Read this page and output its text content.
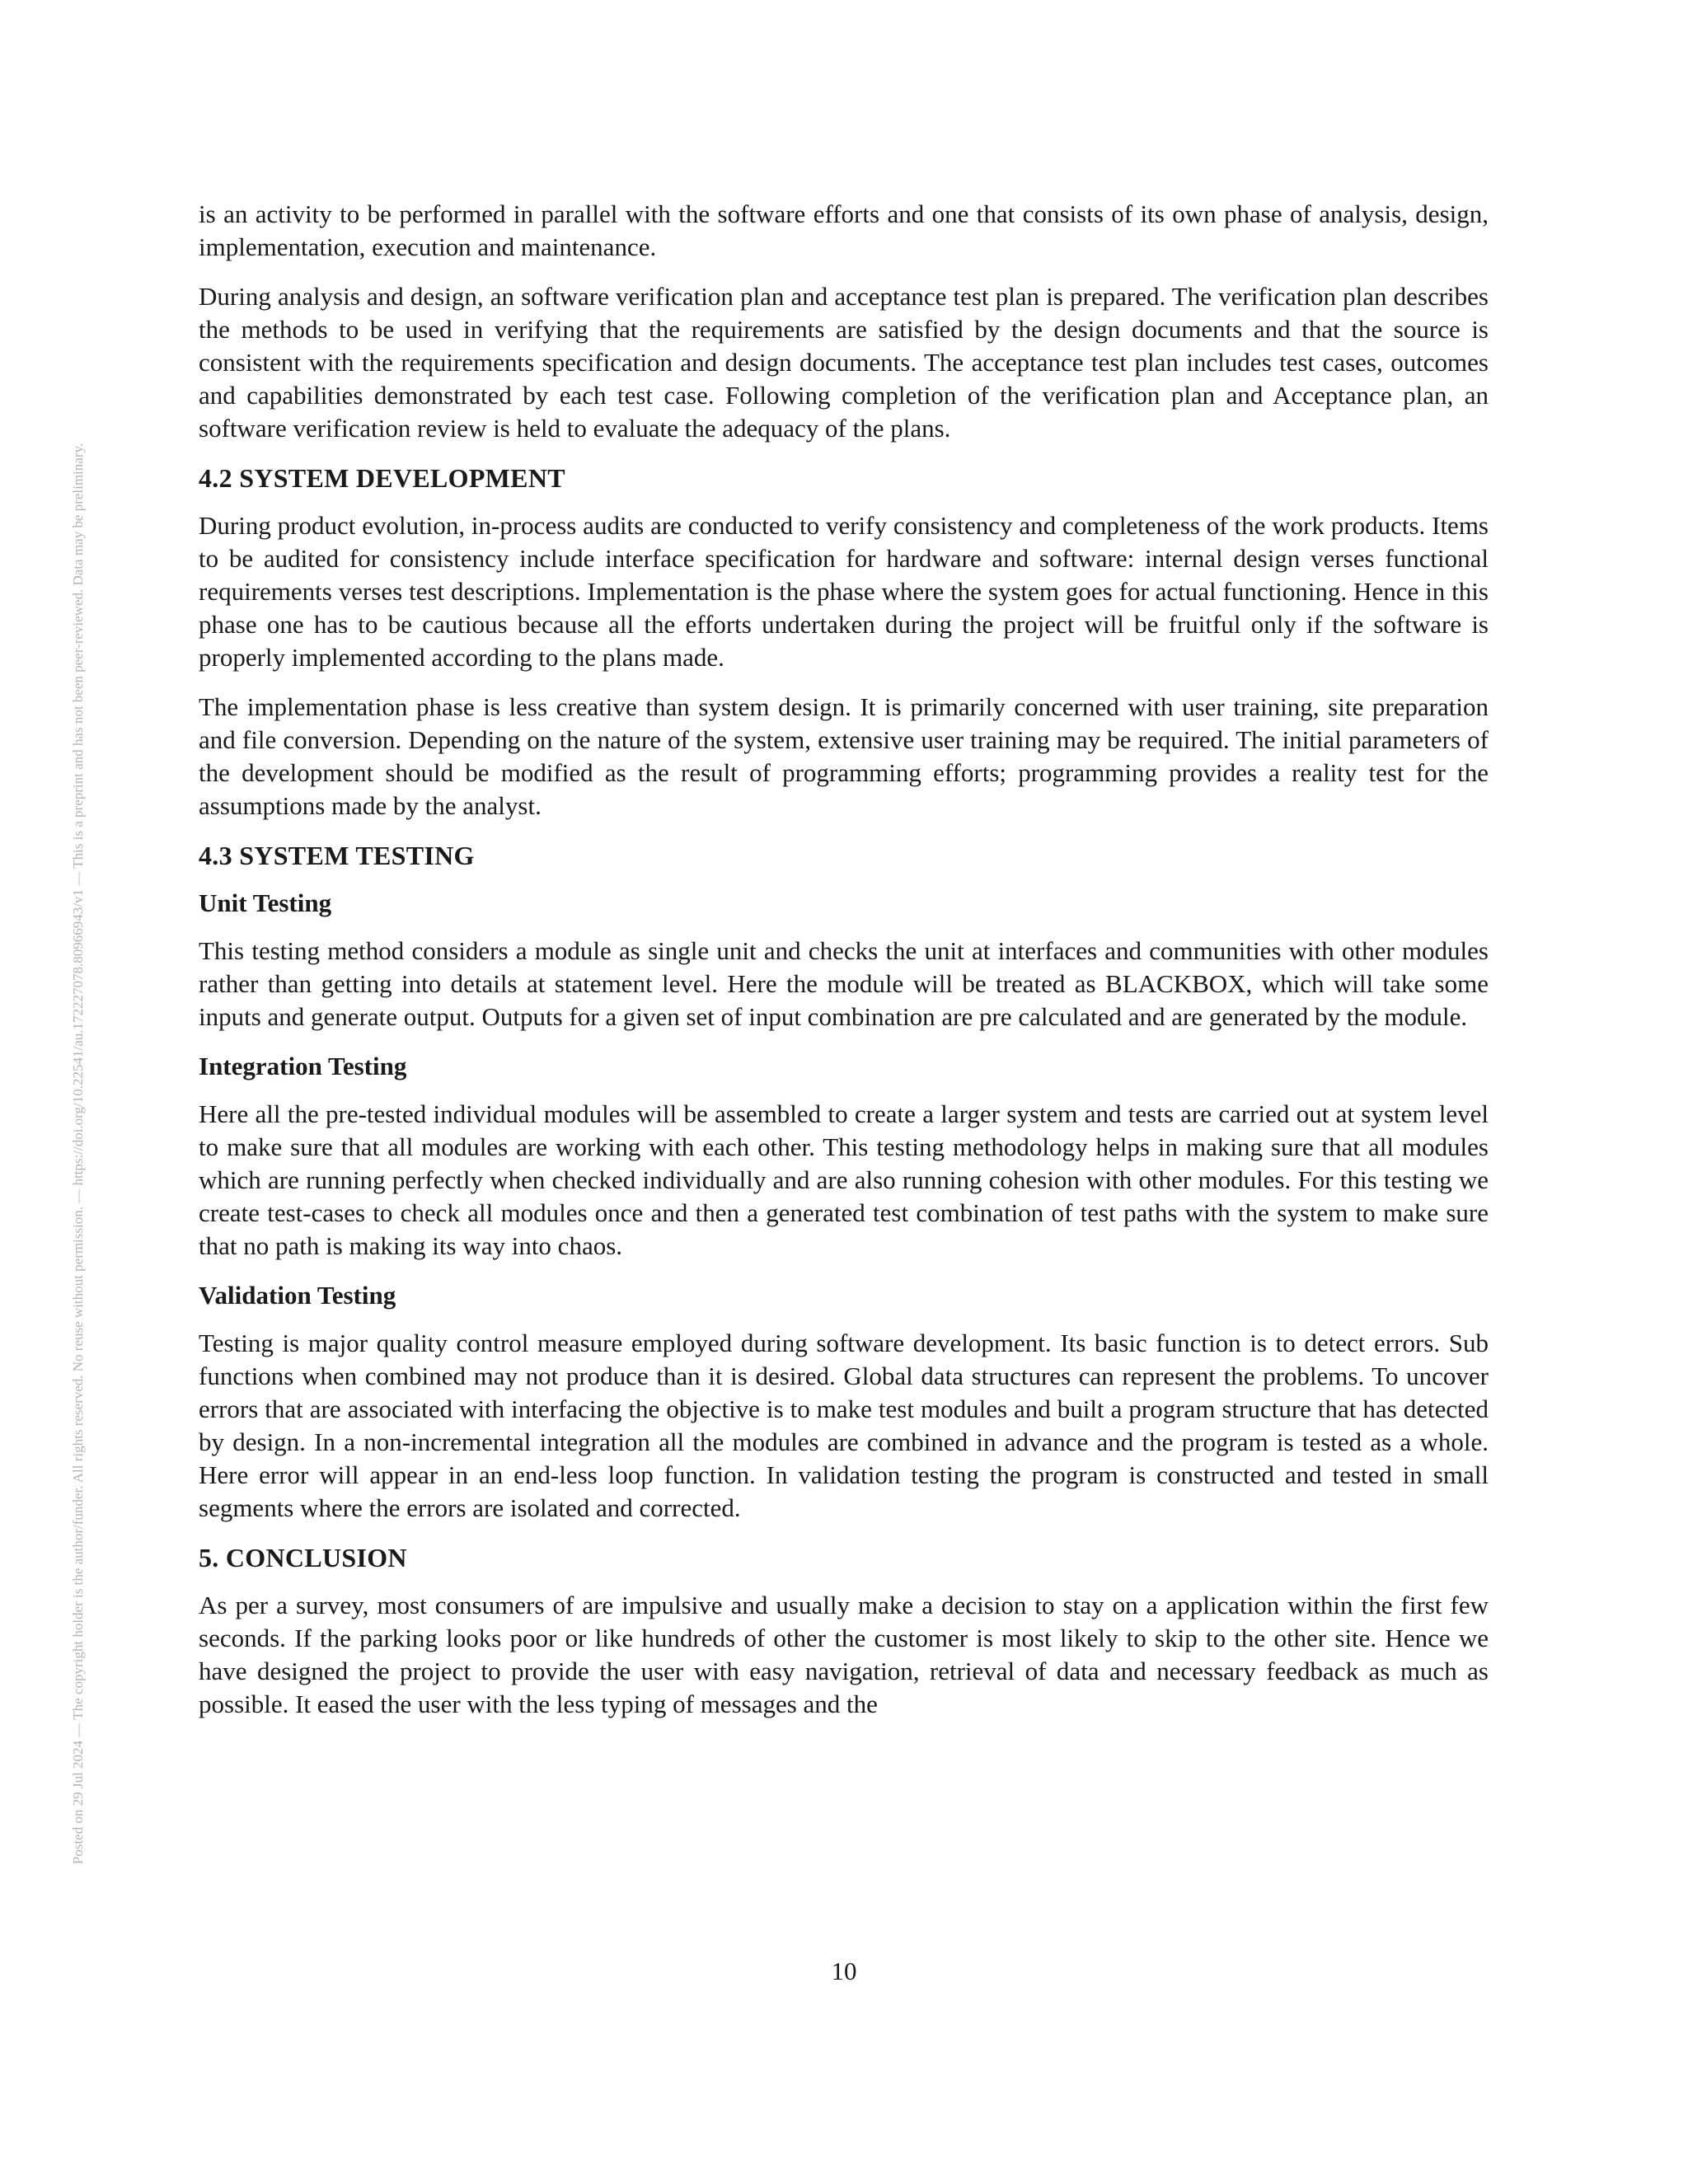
Posted on 29 Jul 2024 — The copyright holder is the author/funder. All rights reserved. No reuse without permission. — https://doi.org/10.22541/au.172227078.80966943/v1 — This is a preprint and has not been peer-reviewed. Data may be preliminary.

is an activity to be performed in parallel with the software efforts and one that consists of its own phase of analysis, design, implementation, execution and maintenance.

During analysis and design, an software verification plan and acceptance test plan is prepared. The verification plan describes the methods to be used in verifying that the requirements are satisfied by the design documents and that the source is consistent with the requirements specification and design documents. The acceptance test plan includes test cases, outcomes and capabilities demonstrated by each test case. Following completion of the verification plan and Acceptance plan, an software verification review is held to evaluate the adequacy of the plans.

4.2 SYSTEM DEVELOPMENT

During product evolution, in-process audits are conducted to verify consistency and completeness of the work products. Items to be audited for consistency include interface specification for hardware and software: internal design verses functional requirements verses test descriptions. Implementation is the phase where the system goes for actual functioning. Hence in this phase one has to be cautious because all the efforts undertaken during the project will be fruitful only if the software is properly implemented according to the plans made.

The implementation phase is less creative than system design. It is primarily concerned with user training, site preparation and file conversion. Depending on the nature of the system, extensive user training may be required. The initial parameters of the development should be modified as the result of programming efforts; programming provides a reality test for the assumptions made by the analyst.

4.3 SYSTEM TESTING
Unit Testing

This testing method considers a module as single unit and checks the unit at interfaces and communities with other modules rather than getting into details at statement level. Here the module will be treated as BLACKBOX, which will take some inputs and generate output. Outputs for a given set of input combination are pre calculated and are generated by the module.

Integration Testing

Here all the pre-tested individual modules will be assembled to create a larger system and tests are carried out at system level to make sure that all modules are working with each other. This testing methodology helps in making sure that all modules which are running perfectly when checked individually and are also running cohesion with other modules. For this testing we create test-cases to check all modules once and then a generated test combination of test paths with the system to make sure that no path is making its way into chaos.

Validation Testing

Testing is major quality control measure employed during software development. Its basic function is to detect errors. Sub functions when combined may not produce than it is desired. Global data structures can represent the problems. To uncover errors that are associated with interfacing the objective is to make test modules and built a program structure that has detected by design. In a non-incremental integration all the modules are combined in advance and the program is tested as a whole. Here error will appear in an end-less loop function. In validation testing the program is constructed and tested in small segments where the errors are isolated and corrected.

5. CONCLUSION

As per a survey, most consumers of are impulsive and usually make a decision to stay on a application within the first few seconds. If the parking looks poor or like hundreds of other the customer is most likely to skip to the other site. Hence we have designed the project to provide the user with easy navigation, retrieval of data and necessary feedback as much as possible. It eased the user with the less typing of messages and the

10
